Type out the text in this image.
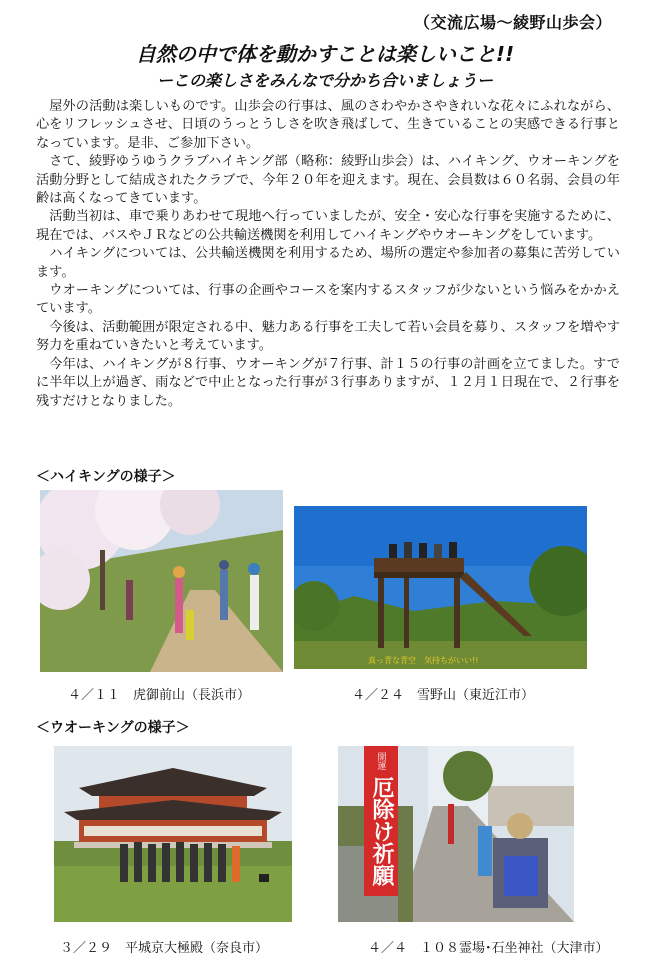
（交流広場～綾野山歩会）
自然の中で体を動かすことは楽しいこと!!
ーこの楽しさをみんなで分かち合いましょうー

屋外の活動は楽しいものです。山歩会の行事は、風のさわやかさやきれいな花々にふれながら、心をリフレッシュさせ、日頃のうっとうしさを吹き飛ばして、生きていることの実感できる行事となっています。是非、ご参加下さい。

さて、綾野ゆうゆうクラブハイキング部（略称：綾野山歩会）は、ハイキング、ウオーキングを活動分野として結成されたクラブで、今年２０年を迎えます。現在、会員数は６０名弱、会員の年齢は高くなってきています。

活動当初は、車で乗りあわせて現地へ行っていましたが、安全・安心な行事を実施するために、現在では、バスやＪＲなどの公共輸送機関を利用してハイキングやウオーキングをしています。

ハイキングについては、公共輸送機関を利用するため、場所の選定や参加者の募集に苦労しています。

ウオーキングについては、行事の企画やコースを案内するスタッフが少ないという悩みをかかえています。

今後は、活動範囲が限定される中、魅力ある行事を工夫して若い会員を募り、スタッフを増やす努力を重ねていきたいと考えています。

今年は、ハイキングが８行事、ウオーキングが７行事、計１５の行事の計画を立てました。すでに半年以上が過ぎ、雨などで中止となった行事が３行事ありますが、１２月１日現在で、２行事を残すだけとなりました。

＜ハイキングの様子＞
４／１１　虎御前山（長浜市）
真っ青な青空　気持ちがいい!!
４／２４　雪野山（東近江市）
＜ウオーキングの様子＞
３／２９　平城京大極殿（奈良市）
開運
厄除け祈願
４／４　１０８霊場･石坐神社（大津市）
